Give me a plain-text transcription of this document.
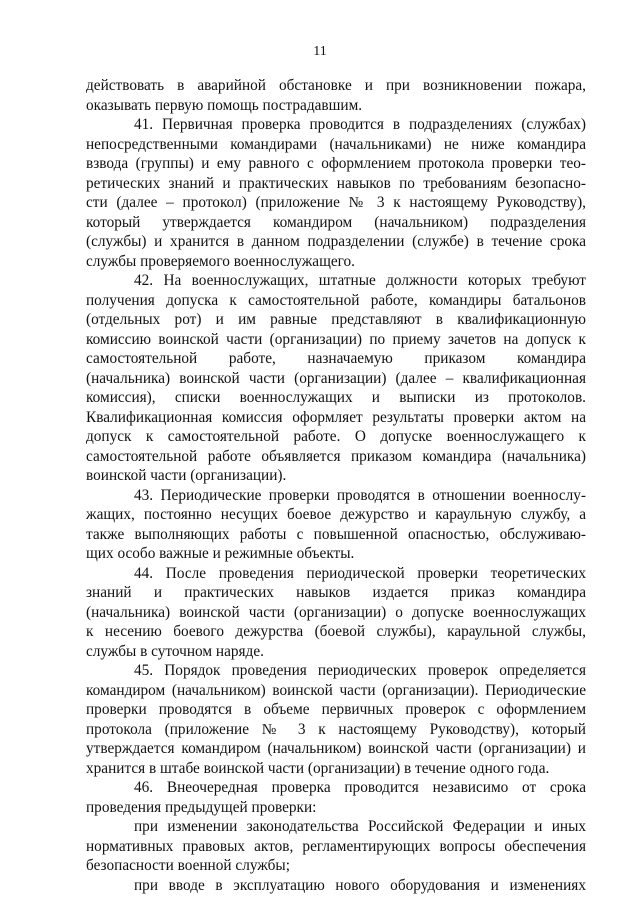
11
действовать в аварийной обстановке и при возникновении пожара,
оказывать первую помощь пострадавшим.
41. Первичная проверка проводится в подразделениях (службах)
непосредственными командирами (начальниками) не ниже командира
взвода (группы) и ему равного с оформлением протокола проверки тео-
ретических знаний и практических навыков по требованиям безопасно-
сти (далее – протокол) (приложение № 3 к настоящему Руководству),
который утверждается командиром (начальником) подразделения
(службы) и хранится в данном подразделении (службе) в течение срока
службы проверяемого военнослужащего.
42. На военнослужащих, штатные должности которых требуют
получения допуска к самостоятельной работе, командиры батальонов
(отдельных рот) и им равные представляют в квалификационную
комиссию воинской части (организации) по приему зачетов на допуск к
самостоятельной работе, назначаемую приказом командира
(начальника) воинской части (организации) (далее – квалификационная
комиссия), списки военнослужащих и выписки из протоколов.
Квалификационная комиссия оформляет результаты проверки актом на
допуск к самостоятельной работе. О допуске военнослужащего к
самостоятельной работе объявляется приказом командира (начальника)
воинской части (организации).
43. Периодические проверки проводятся в отношении военнослу-
жащих, постоянно несущих боевое дежурство и караульную службу, а
также выполняющих работы с повышенной опасностью, обслуживаю-
щих особо важные и режимные объекты.
44. После проведения периодической проверки теоретических
знаний и практических навыков издается приказ командира
(начальника) воинской части (организации) о допуске военнослужащих
к несению боевого дежурства (боевой службы), караульной службы,
службы в суточном наряде.
45. Порядок проведения периодических проверок определяется
командиром (начальником) воинской части (организации). Периодические
проверки проводятся в объеме первичных проверок с оформлением
протокола (приложение № 3 к настоящему Руководству), который
утверждается командиром (начальником) воинской части (организации) и
хранится в штабе воинской части (организации) в течение одного года.
46. Внеочередная проверка проводится независимо от срока
проведения предыдущей проверки:
при изменении законодательства Российской Федерации и иных
нормативных правовых актов, регламентирующих вопросы обеспечения
безопасности военной службы;
при вводе в эксплуатацию нового оборудования и изменениях
